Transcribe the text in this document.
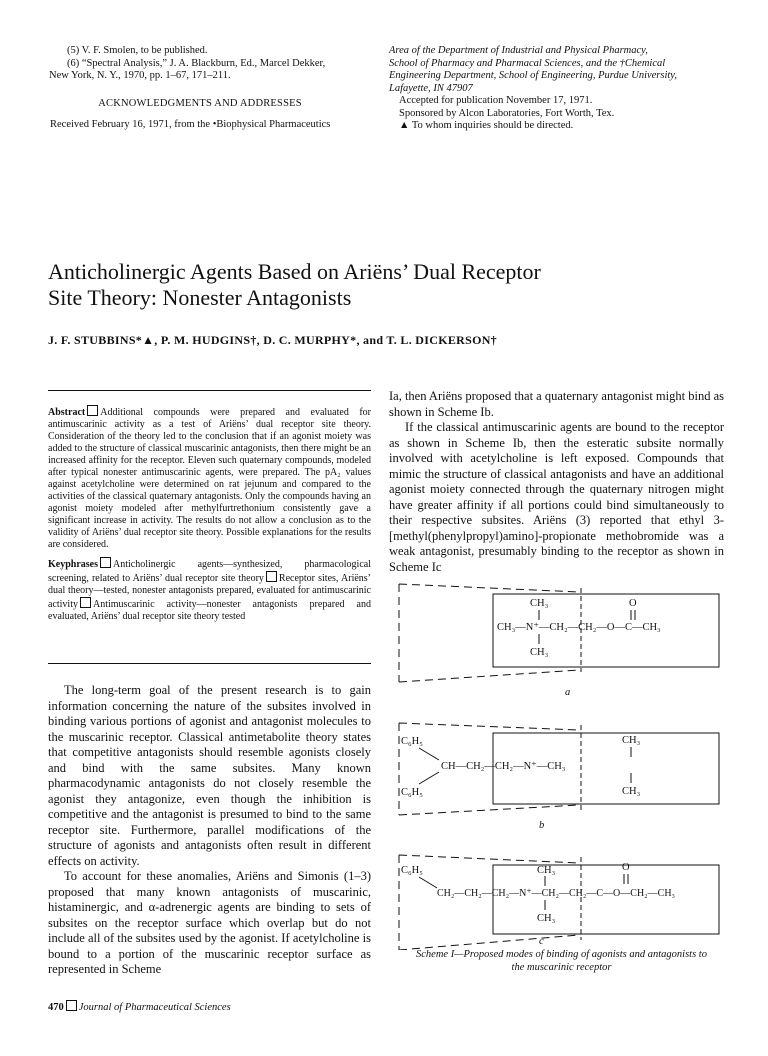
(5) V. F. Smolen, to be published.
(6) “Spectral Analysis,” J. A. Blackburn, Ed., Marcel Dekker,
New York, N. Y., 1970, pp. 1–67, 171–211.
ACKNOWLEDGMENTS AND ADDRESSES
Received February 16, 1971, from the •Biophysical Pharmaceutics
Area of the Department of Industrial and Physical Pharmacy,
School of Pharmacy and Pharmacal Sciences, and the †Chemical
Engineering Department, School of Engineering, Purdue University,
Lafayette, IN 47907
Accepted for publication November 17, 1971.
Sponsored by Alcon Laboratories, Fort Worth, Tex.
▲ To whom inquiries should be directed.
Anticholinergic Agents Based on Ariëns’ Dual Receptor
Site Theory: Nonester Antagonists
J. F. STUBBINS*▲, P. M. HUDGINS†, D. C. MURPHY*, and T. L. DICKERSON†
Abstract Additional compounds were prepared and evaluated for antimuscarinic activity as a test of Ariëns’ dual receptor site theory. Consideration of the theory led to the conclusion that if an agonist moiety was added to the structure of classical muscarinic antagonists, then there might be an increased affinity for the receptor. Eleven such quaternary compounds, modeled after typical nonester antimuscarinic agents, were prepared. The pA₂ values against acetylcholine were determined on rat jejunum and compared to the activities of the classical quaternary antagonists. Only the compounds having an agonist moiety modeled after methylfurtrethonium consistently gave a significant increase in activity. The results do not allow a conclusion as to the validity of Ariëns’ dual receptor site theory. Possible explanations for the results are considered.
Keyphrases Anticholinergic agents—synthesized, pharmacological screening, related to Ariëns’ dual receptor site theory Receptor sites, Ariëns’ dual theory—tested, nonester antagonists prepared, evaluated for antimuscarinic activity Antimuscarinic activity—nonester antagonists prepared and evaluated, Ariëns’ dual receptor site theory tested

The long-term goal of the present research is to gain information concerning the nature of the subsites involved in binding various portions of agonist and antagonist molecules to the muscarinic receptor. Classical antimetabolite theory states that competitive antagonists should resemble agonists closely and bind with the same subsites. Many known pharmacodynamic antagonists do not closely resemble the agonist they antagonize, even though the inhibition is competitive and the antagonist is presumed to bind to the same receptor site. Furthermore, parallel modifications of the structure of agonists and antagonists often result in different effects on activity.

To account for these anomalies, Ariëns and Simonis (1–3) proposed that many known antagonists of muscarinic, histaminergic, and α-adrenergic agents are binding to sets of subsites on the receptor surface which overlap but do not include all of the subsites used by the agonist. If acetylcholine is bound to a portion of the muscarinic receptor surface as represented in Scheme

Ia, then Ariëns proposed that a quaternary antagonist might bind as shown in Scheme Ib.

If the classical antimuscarinic agents are bound to the receptor as shown in Scheme Ib, then the esteratic subsite normally involved with acetylcholine is left exposed. Compounds that mimic the structure of classical antagonists and have an additional agonist moiety connected through the quaternary nitrogen might have greater affinity if all portions could bind simultaneously to their respective subsites. Ariëns (3) reported that ethyl 3-[methyl(phenylpropyl)amino]-propionate methobromide was a weak antagonist, presumably binding to the receptor as shown in Scheme Ic

CH₃	O
CH₃—N⁺—CH₂—CH₂—O—C—CH₃
CH₃
a
C₆H₅
C₆H₅
CH₃
CH—CH₂—CH₂—N⁺—CH₃
CH₃
b
C₆H₅	CH₃	O
CH₂—CH₂—CH₂—N⁺—CH₂—CH₂—C—O—CH₂—CH₃
CH₃
c
Scheme I—Proposed modes of binding of agonists and antagonists to
the muscarinic receptor
470 Journal of Pharmaceutical Sciences
